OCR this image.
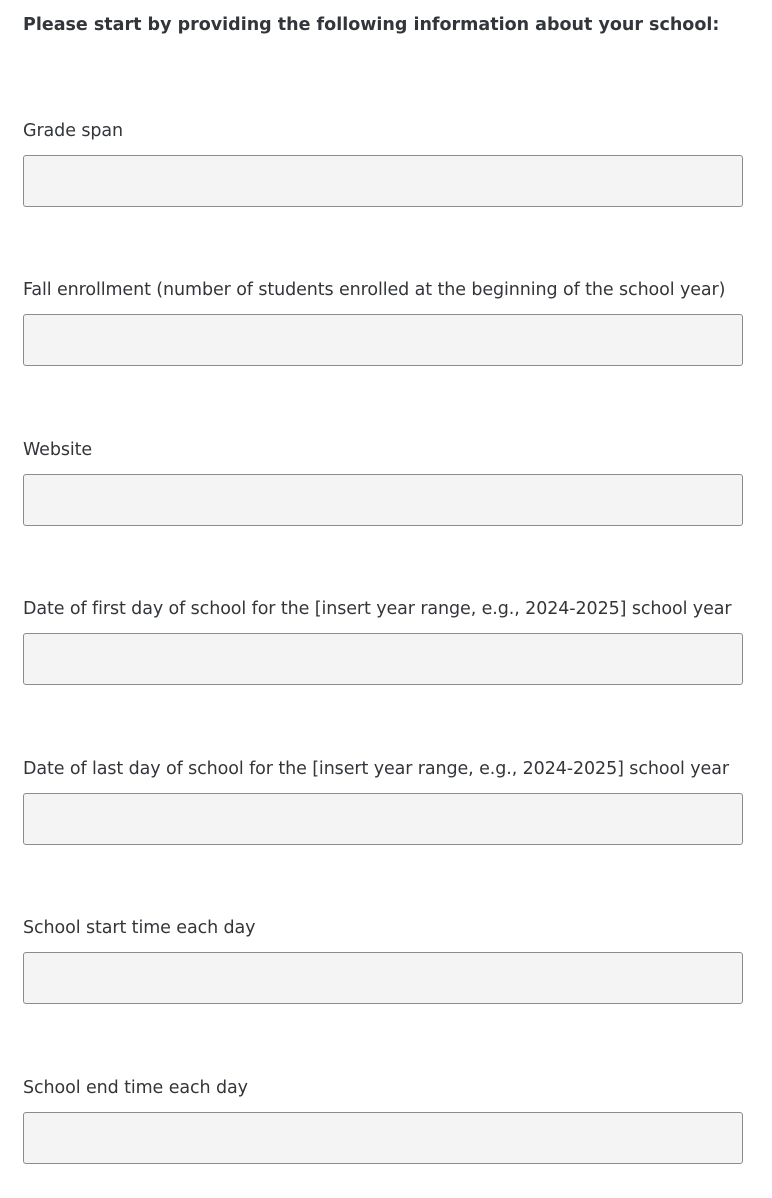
Please start by providing the following information about your school:
Grade span
Fall enrollment (number of students enrolled at the beginning of the school year)
Website
Date of first day of school for the [insert year range, e.g., 2024-2025] school year
Date of last day of school for the [insert year range, e.g., 2024-2025] school year
School start time each day
School end time each day
